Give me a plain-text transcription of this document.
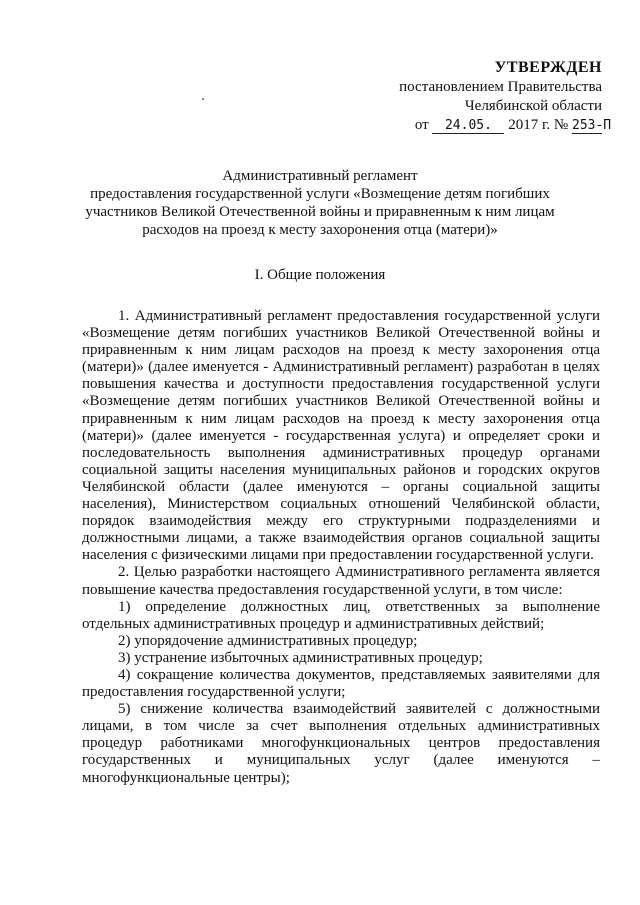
УТВЕРЖДЕН
постановлением Правительства
Челябинской области
от 24.05. 2017 г. № 253-П
Административный регламент
предоставления государственной услуги «Возмещение детям погибших
участников Великой Отечественной войны и приравненным к ним лицам
расходов на проезд к месту захоронения отца (матери)»
I. Общие положения

1. Административный регламент предоставления государственной услуги «Возмещение детям погибших участников Великой Отечественной войны и приравненным к ним лицам расходов на проезд к месту захоронения отца (матери)» (далее именуется - Административный регламент) разработан в целях повышения качества и доступности предоставления государственной услуги «Возмещение детям погибших участников Великой Отечественной войны и приравненным к ним лицам расходов на проезд к месту захоронения отца (матери)» (далее именуется - государственная услуга) и определяет сроки и последовательность выполнения административных процедур органами социальной защиты населения муниципальных районов и городских округов Челябинской области (далее именуются – органы социальной защиты населения), Министерством социальных отношений Челябинской области, порядок взаимодействия между его структурными подразделениями и должностными лицами, а также взаимодействия органов социальной защиты населения с физическими лицами при предоставлении государственной услуги.

2. Целью разработки настоящего Административного регламента является повышение качества предоставления государственной услуги, в том числе:

1) определение должностных лиц, ответственных за выполнение отдельных административных процедур и административных действий;

2) упорядочение административных процедур;

3) устранение избыточных административных процедур;

4) сокращение количества документов, представляемых заявителями для предоставления государственной услуги;

5) снижение количества взаимодействий заявителей с должностными лицами, в том числе за счет выполнения отдельных административных процедур работниками многофункциональных центров предоставления государственных и муниципальных услуг (далее именуются – многофункциональные центры);
